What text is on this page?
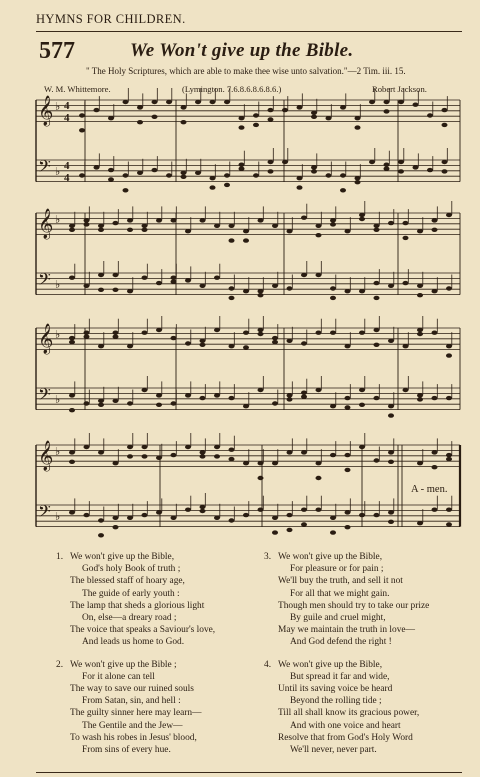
HYMNS FOR CHILDREN.
577	We Won't give up the Bible.
" The Holy Scriptures, which are able to make thee wise unto salvation."—2 Tim. iii. 15.
W. M. Whittemore.	(Lymington. 7.6.8.6.8.6.8.6.)	Robert Jackson.
𝄞 ♭ 4
4
𝄢 ♭ 4
4
𝄞 ♭
𝄢 ♭
𝄞 ♭
𝄢 ♭
𝄞 ♭
𝄢 ♭
A - men.
1. We won't give up the Bible,
God's holy Book of truth ;
The blessed staff of hoary age,
The guide of early youth :
The lamp that sheds a glorious light
On, else—a dreary road ;
The voice that speaks a Saviour's love,
And leads us home to God.
2. We won't give up the Bible ;
For it alone can tell
The way to save our ruined souls
From Satan, sin, and hell :
The guilty sinner here may learn—
The Gentile and the Jew—
To wash his robes in Jesus' blood,
From sins of every hue.
3. We won't give up the Bible,
For pleasure or for pain ;
We'll buy the truth, and sell it not
For all that we might gain.
Though men should try to take our prize
By guile and cruel might,
May we maintain the truth in love—
And God defend the right !
4. We won't give up the Bible,
But spread it far and wide,
Until its saving voice be heard
Beyond the rolling tide ;
Till all shall know its gracious power,
And with one voice and heart
Resolve that from God's Holy Word
We'll never, never part.
